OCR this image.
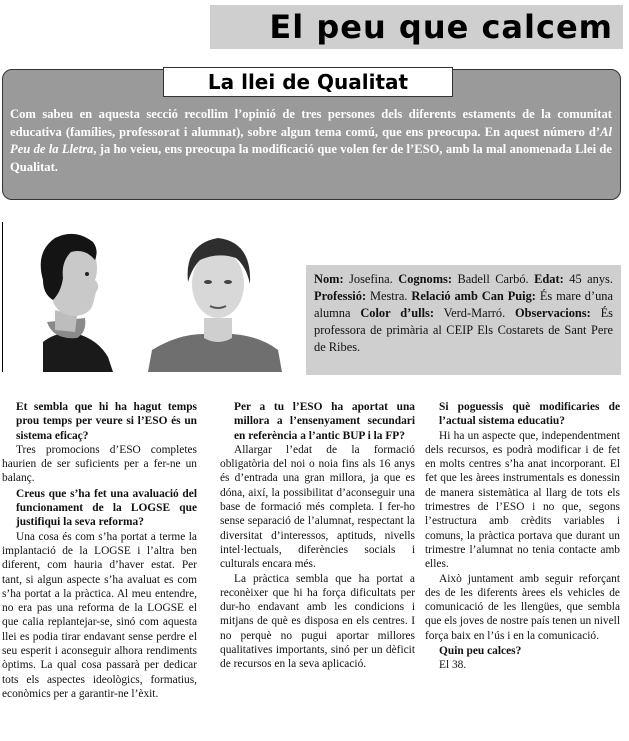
El peu que calcem
La llei de Qualitat
Com sabeu en aquesta secció recollim l’opinió de tres persones dels diferents estaments de la comunitat educativa (famílies, professorat i alumnat), sobre algun tema comú, que ens preocupa. En aquest número d’Al Peu de la Lletra, ja ho veieu, ens preocupa la modificació que volen fer de l’ESO, amb la mal anomenada Llei de Qualitat.
Nom: Josefina. Cognoms: Badell Carbó. Edat: 45 anys. Professió: Mestra. Relació amb Can Puig: És mare d’una alumna Color d’ulls: Verd-Marró. Observacions: És professora de primària al CEIP Els Costarets de Sant Pere de Ribes.

Et sembla que hi ha hagut temps prou temps per veure si l’ESO és un sistema eficaç?

Tres promocions d’ESO completes haurien de ser suficients per a fer-ne un balanç.

Creus que s’ha fet una avaluació del funcionament de la LOGSE que justifiqui la seva reforma?

Una cosa és com s’ha portat a terme la implantació de la LOGSE i l’altra ben diferent, com hauria d’haver estat. Per tant, si algun aspecte s’ha avaluat es com s’ha portat a la pràctica. Al meu entendre, no era pas una reforma de la LOGSE el que calia replantejar-se, sinó com aquesta llei es podia tirar endavant sense perdre el seu esperit i aconseguir alhora rendiments òptims. La qual cosa passarà per dedicar tots els aspectes ideològics, formatius, econòmics per a garantir-ne l’èxit.

Per a tu l’ESO ha aportat una millora a l’ensenyament secundari en referència a l’antic BUP i la FP?

Allargar l’edat de la formació obligatòria del noi o noia fins als 16 anys és d’entrada una gran millora, ja que es dóna, així, la possibilitat d’aconseguir una base de formació més completa. I fer-ho sense separació de l’alumnat, respectant la diversitat d’interessos, aptituds, nivells intel·lectuals, diferències socials i culturals encara més.

La pràctica sembla que ha portat a reconèixer que hi ha força dificultats per dur-ho endavant amb les condicions i mitjans de què es disposa en els centres. I no perquè no pugui aportar millores qualitatives importants, sinó per un dèficit de recursos en la seva aplicació.

Si poguessis què modificaries de l’actual sistema educatiu?

Hi ha un aspecte que, independentment dels recursos, es podrà modificar i de fet en molts centres s’ha anat incorporant. El fet que les àrees instrumentals es donessin de manera sistemàtica al llarg de tots els trimestres de l’ESO i no que, segons l’estructura amb crèdits variables i comuns, la pràctica portava que durant un trimestre l’alumnat no tenia contacte amb elles.

Això juntament amb seguir reforçant des de les diferents àrees els vehicles de comunicació de les llengües, que sembla que els joves de nostre país tenen un nivell força baix en l’ús i en la comunicació.

Quin peu calces?

El 38.
